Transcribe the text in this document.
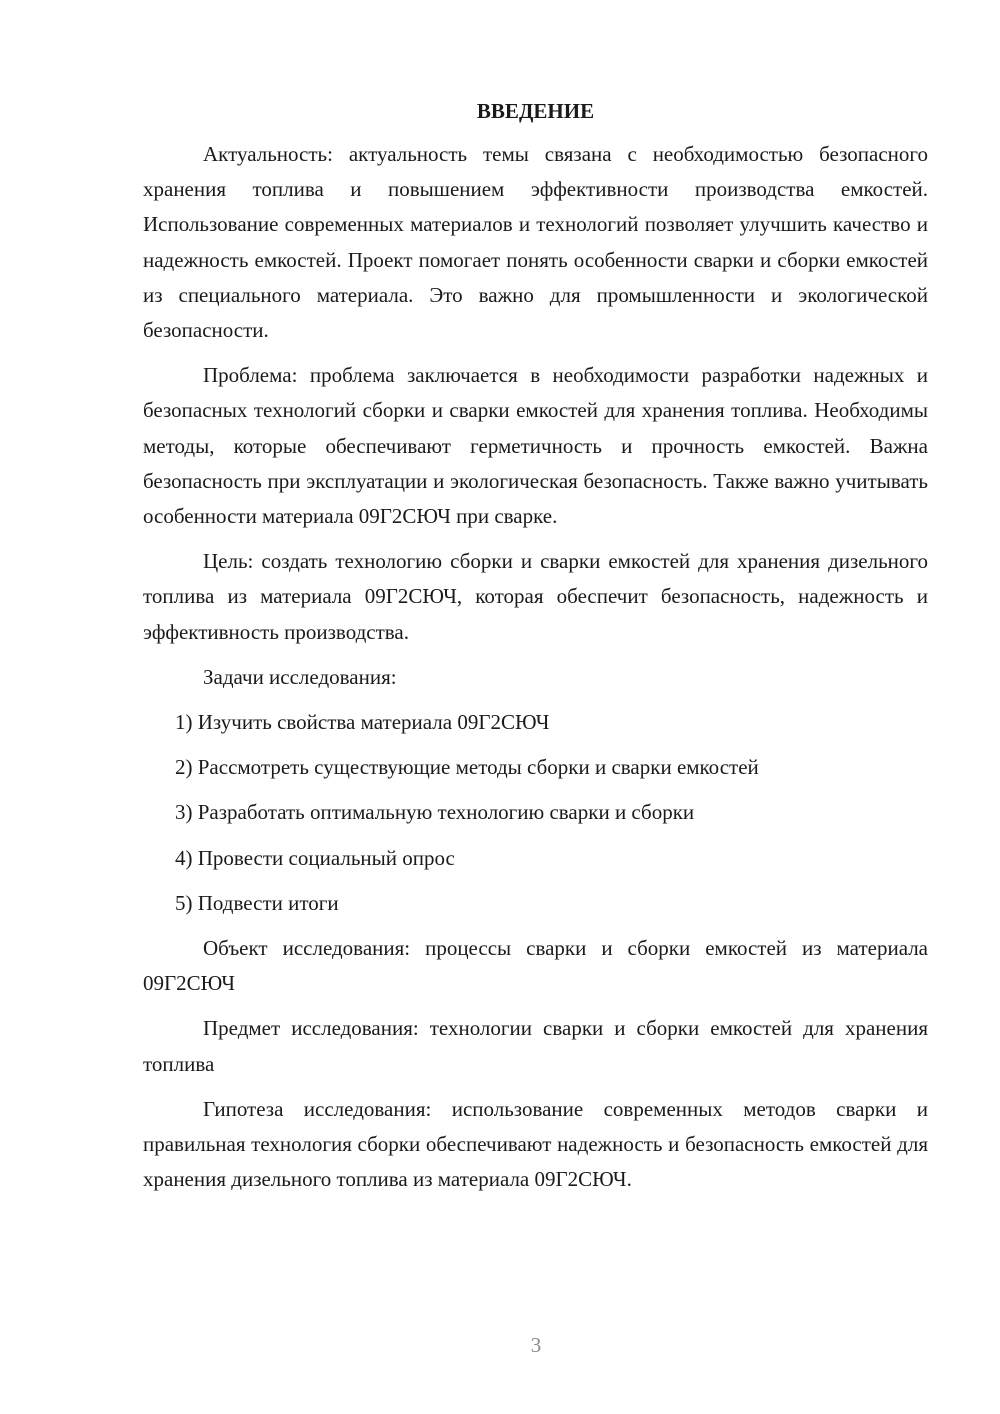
ВВЕДЕНИЕ

Актуальность: актуальность темы связана с необходимостью безопасного хранения топлива и повышением эффективности производства емкостей. Использование современных материалов и технологий позволяет улучшить качество и надежность емкостей. Проект помогает понять особенности сварки и сборки емкостей из специального материала. Это важно для промышленности и экологической безопасности.

Проблема: проблема заключается в необходимости разработки надежных и безопасных технологий сборки и сварки емкостей для хранения топлива. Необходимы методы, которые обеспечивают герметичность и прочность емкостей. Важна безопасность при эксплуатации и экологическая безопасность. Также важно учитывать особенности материала 09Г2СЮЧ при сварке.

Цель: создать технологию сборки и сварки емкостей для хранения дизельного топлива из материала 09Г2СЮЧ, которая обеспечит безопасность, надежность и эффективность производства.

Задачи исследования:

1) Изучить свойства материала 09Г2СЮЧ

2) Рассмотреть существующие методы сборки и сварки емкостей

3) Разработать оптимальную технологию сварки и сборки

4) Провести социальный опрос

5) Подвести итоги

Объект исследования: процессы сварки и сборки емкостей из материала 09Г2СЮЧ

Предмет исследования: технологии сварки и сборки емкостей для хранения топлива

Гипотеза исследования: использование современных методов сварки и правильная технология сборки обеспечивают надежность и безопасность емкостей для хранения дизельного топлива из материала 09Г2СЮЧ.

3
